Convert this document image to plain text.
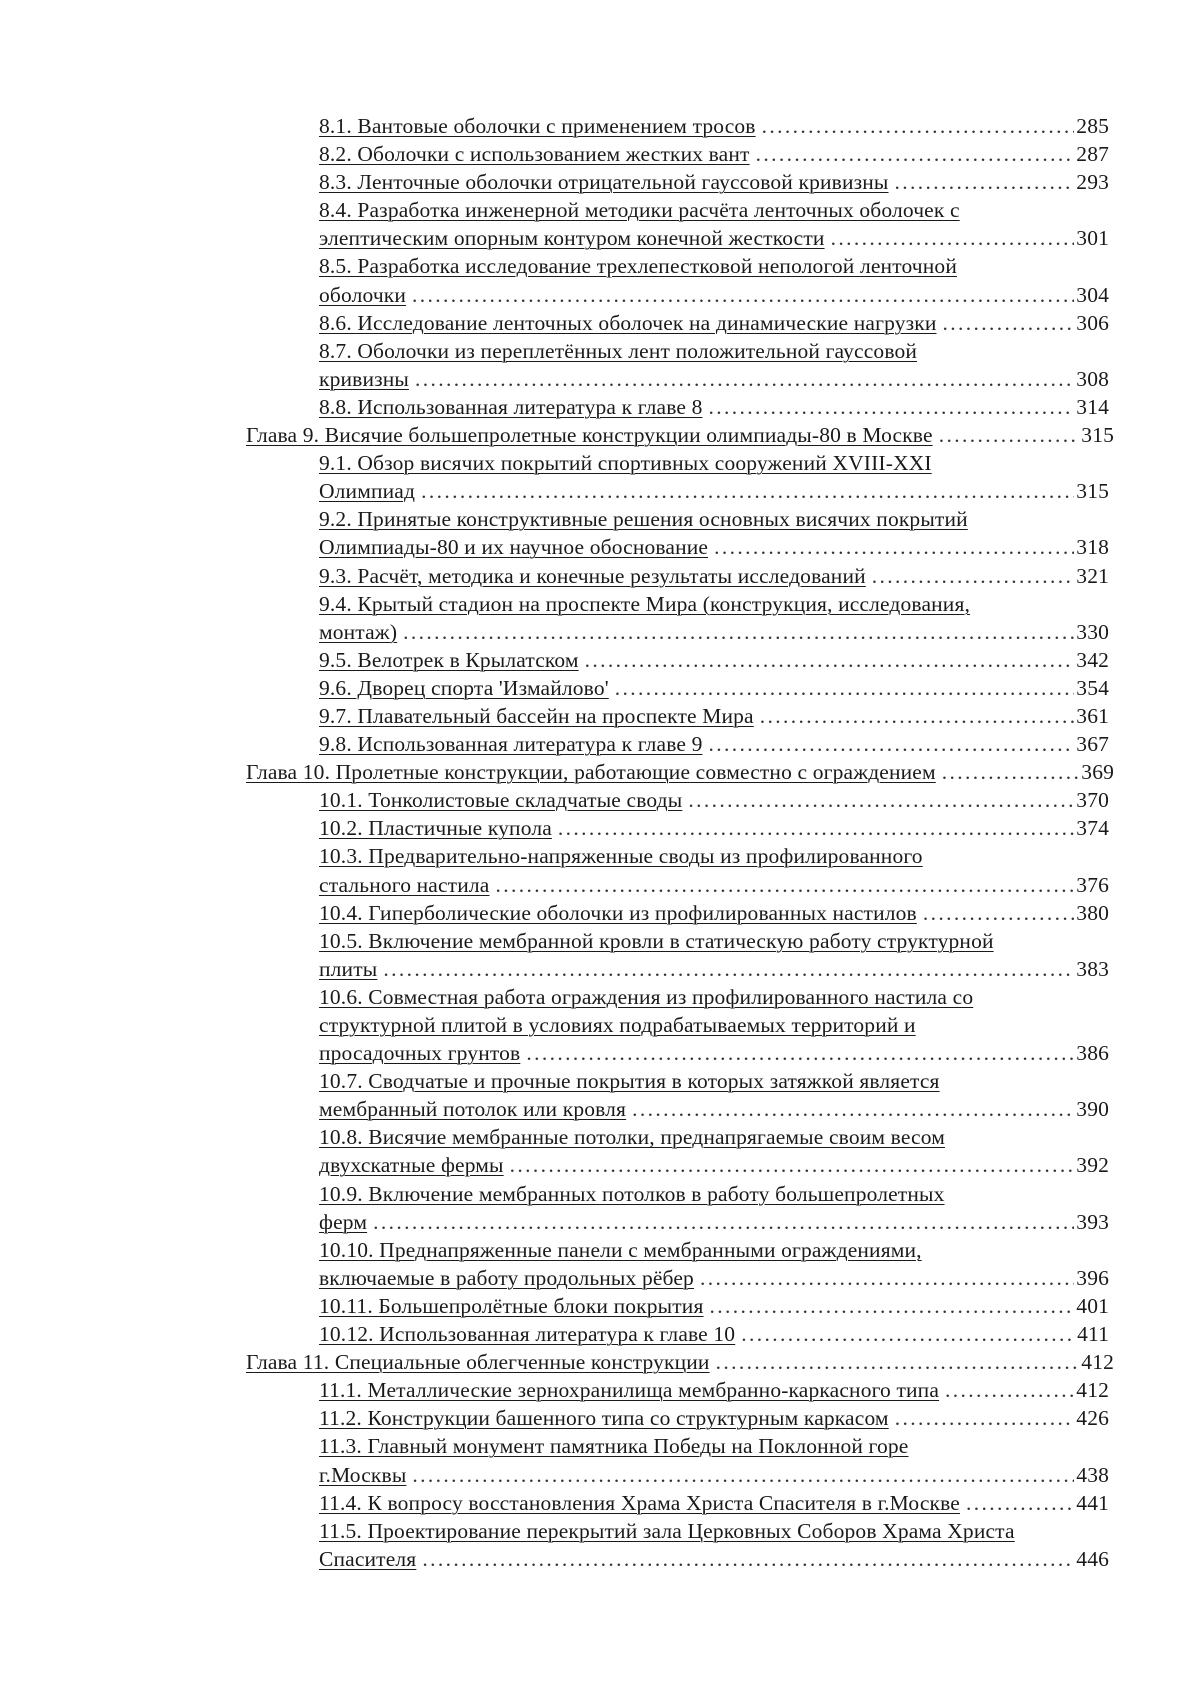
8.1. Вантовые оболочки с применением тросов . . .	285
8.2. Оболочки с использованием жестких вант . . .	287
8.3. Ленточные оболочки отрицательной гауссовой кривизны . . .	293
8.4. Разработка инженерной методики расчёта ленточных оболочек с
элептическим опорным контуром конечной жесткости . . .	301
8.5. Разработка исследование трехлепестковой непологой ленточной
оболочки . . .	304
8.6. Исследование ленточных оболочек на динамические нагрузки . . .	306
8.7. Оболочки из переплетённых лент положительной гауссовой
кривизны . . .	308
8.8. Использованная литература к главе 8 . . .	314
Глава 9. Висячие большепролетные конструкции олимпиады-80 в Москве . . .	315
9.1. Обзор висячих покрытий спортивных сооружений XVIII-XXI
Олимпиад . . .	315
9.2. Принятые конструктивные решения основных висячих покрытий
Олимпиады-80 и их научное обоснование . . .	318
9.3. Расчёт, методика и конечные результаты исследований . . .	321
9.4. Крытый стадион на проспекте Мира (конструкция, исследования,
монтаж) . . .	330
9.5. Велотрек в Крылатском . . .	342
9.6. Дворец спорта 'Измайлово' . . .	354
9.7. Плавательный бассейн на проспекте Мира . . .	361
9.8. Использованная литература к главе 9 . . .	367
Глава 10. Пролетные конструкции, работающие совместно с ограждением . . .	369
10.1. Тонколистовые складчатые своды . . .	370
10.2. Пластичные купола . . .	374
10.3. Предварительно-напряженные своды из профилированного
стального настила . . .	376
10.4. Гиперболические оболочки из профилированных настилов . . .	380
10.5. Включение мембранной кровли в статическую работу структурной
плиты . . .	383
10.6. Совместная работа ограждения из профилированного настила со
структурной плитой в условиях подрабатываемых территорий и
просадочных грунтов . . .	386
10.7. Сводчатые и прочные покрытия в которых затяжкой является
мембранный потолок или кровля . . .	390
10.8. Висячие мембранные потолки, преднапрягаемые своим весом
двухскатные фермы . . .	392
10.9. Включение мембранных потолков в работу большепролетных
ферм . . .	393
10.10. Преднапряженные панели с мембранными ограждениями,
включаемые в работу продольных рёбер . . .	396
10.11. Большепролётные блоки покрытия . . .	401
10.12. Использованная литература к главе 10 . . .	411
Глава 11. Специальные облегченные конструкции . . .	412
11.1. Металлические зернохранилища мембранно-каркасного типа . . .	412
11.2. Конструкции башенного типа со структурным каркасом . . .	426
11.3. Главный монумент памятника Победы на Поклонной горе
г.Москвы . . .	438
11.4. К вопросу восстановления Храма Христа Спасителя в г.Москве . . .	441
11.5. Проектирование перекрытий зала Церковных Соборов Храма Христа
Спасителя . . .	446
